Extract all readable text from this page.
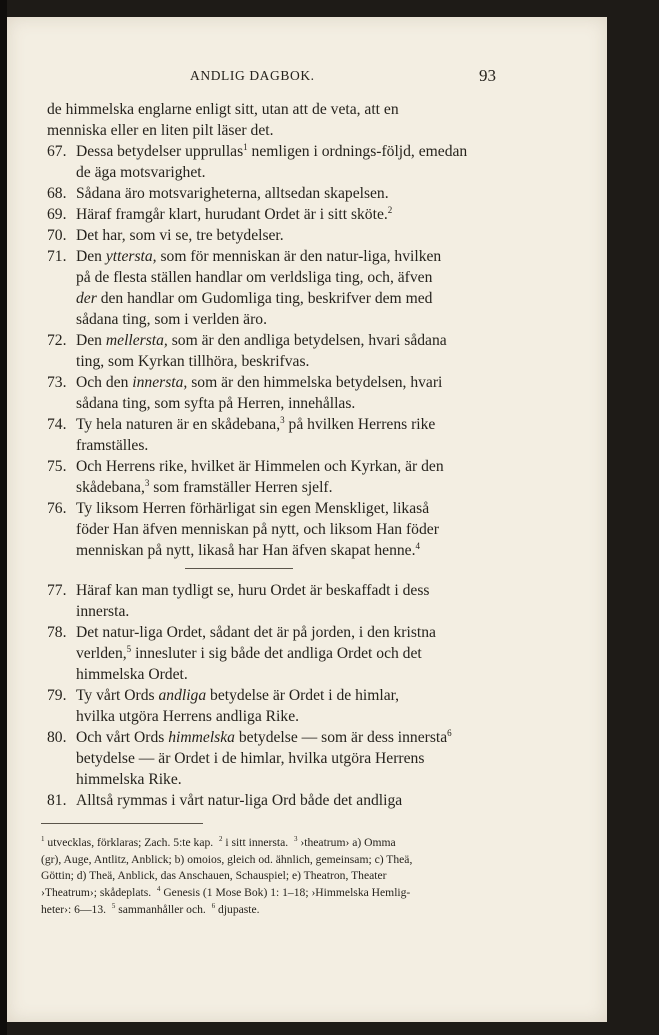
ANDLIG DAGBOK.	93
de himmelska englarne enligt sitt, utan att de veta, att en
menniska eller en liten pilt läser det.
67. Dessa betydelser upprullas$^1$ nemligen i ordnings-följd, emedan
de äga motsvarighet.
68. Sådana äro motsvarigheterna, alltsedan skapelsen.
69. Häraf framgår klart, hurudant Ordet är i sitt sköte.$^2$
70. Det har, som vi se, tre betydelser.
71. Den yttersta, som för menniskan är den natur-liga, hvilken
på de flesta ställen handlar om verldsliga ting, och, äfven
der den handlar om Gudomliga ting, beskrifver dem med
sådana ting, som i verlden äro.
72. Den mellersta, som är den andliga betydelsen, hvari sådana
ting, som Kyrkan tillhöra, beskrifvas.
73. Och den innersta, som är den himmelska betydelsen, hvari
sådana ting, som syfta på Herren, innehållas.
74. Ty hela naturen är en skådebana,$^3$ på hvilken Herrens rike
framställes.
75. Och Herrens rike, hvilket är Himmelen och Kyrkan, är den
skådebana,$^3$ som framställer Herren sjelf.
76. Ty liksom Herren förhärligat sin egen Menskliget, likaså
föder Han äfven menniskan på nytt, och liksom Han föder
menniskan på nytt, likaså har Han äfven skapat henne.$^4$
77. Häraf kan man tydligt se, huru Ordet är beskaffadt i dess
innersta.
78. Det natur-liga Ordet, sådant det är på jorden, i den kristna
verlden,$^5$ innesluter i sig både det andliga Ordet och det
himmelska Ordet.
79. Ty vårt Ords andliga betydelse är Ordet i de himlar,
hvilka utgöra Herrens andliga Rike.
80. Och vårt Ords himmelska betydelse — som är dess innersta$^6$
betydelse — är Ordet i de himlar, hvilka utgöra Herrens
himmelska Rike.
81. Alltså rymmas i vårt natur-liga Ord både det andliga
$^1$ utvecklas, förklaras; Zach. 5:te kap. $^2$ i sitt innersta. $^3$ ›theatrum› a) Omma
(gr), Auge, Antlitz, Anblick; b) omoios, gleich od. ähnlich, gemeinsam; c) Theä,
Göttin; d) Theä, Anblick, das Anschauen, Schauspiel; e) Theatron, Theater
›Theatrum›; skådeplats. $^4$ Genesis (1 Mose Bok) 1: 1–18; ›Himmelska Hemlig-
heter›: 6—13. $^5$ sammanhåller och. $^6$ djupaste.
